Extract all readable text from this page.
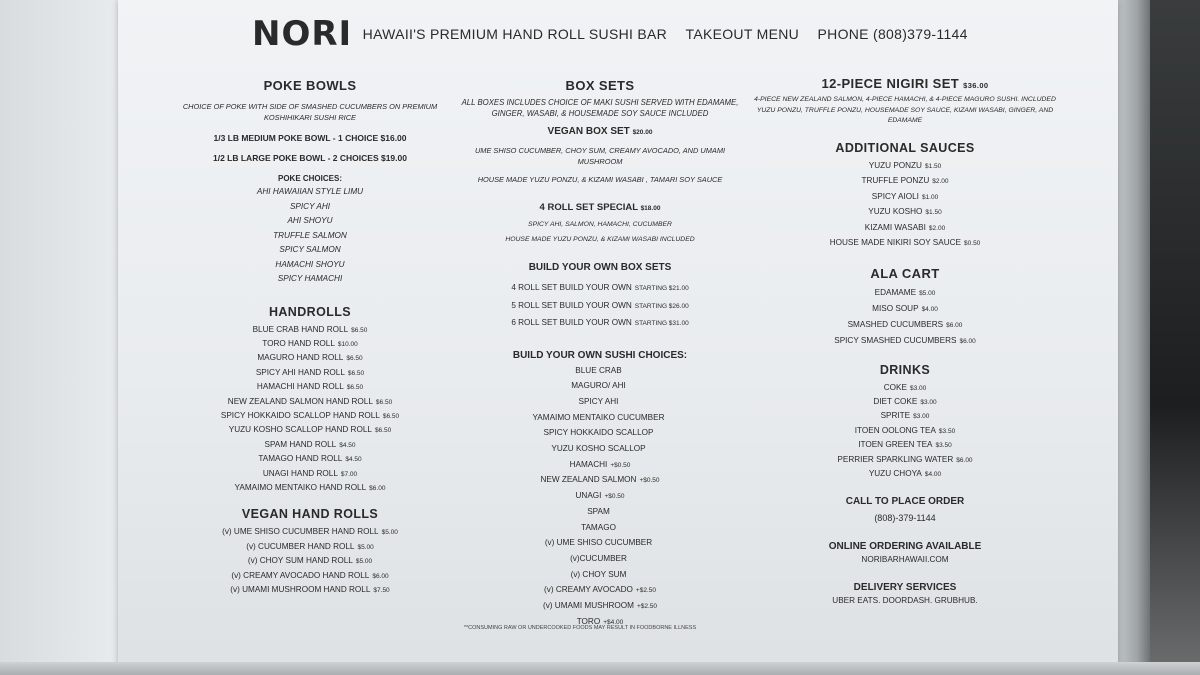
NORI HAWAII'S PREMIUM HAND ROLL SUSHI BAR TAKEOUT MENU PHONE (808)379-1144
POKE BOWLS
CHOICE OF POKE WITH SIDE OF SMASHED CUCUMBERS ON PREMIUM KOSHIHIKARI SUSHI RICE
1/3 LB MEDIUM POKE BOWL - 1 CHOICE $16.00
1/2 LB LARGE POKE BOWL - 2 CHOICES $19.00
POKE CHOICES:
AHI HAWAIIAN STYLE LIMU
SPICY AHI
AHI SHOYU
TRUFFLE SALMON
SPICY SALMON
HAMACHI SHOYU
SPICY HAMACHI
HANDROLLS
BLUE CRAB HAND ROLL $6.50
TORO HAND ROLL $10.00
MAGURO HAND ROLL $6.50
SPICY AHI HAND ROLL $6.50
HAMACHI HAND ROLL $6.50
NEW ZEALAND SALMON HAND ROLL $6.50
SPICY HOKKAIDO SCALLOP HAND ROLL $6.50
YUZU KOSHO SCALLOP HAND ROLL $6.50
SPAM HAND ROLL $4.50
TAMAGO HAND ROLL $4.50
UNAGI HAND ROLL $7.00
YAMAIMO MENTAIKO HAND ROLL $6.00
VEGAN HAND ROLLS
(v) UME SHISO CUCUMBER HAND ROLL $5.00
(v) CUCUMBER HAND ROLL $5.00
(v) CHOY SUM HAND ROLL $5.00
(v) CREAMY AVOCADO HAND ROLL $6.00
(v) UMAMI MUSHROOM HAND ROLL $7.50
BOX SETS
ALL BOXES INCLUDES CHOICE OF MAKI SUSHI SERVED WITH EDAMAME, GINGER, WASABI, & HOUSEMADE SOY SAUCE INCLUDED
VEGAN BOX SET $20.00
UME SHISO CUCUMBER, CHOY SUM, CREAMY AVOCADO, AND UMAMI MUSHROOM
HOUSE MADE YUZU PONZU, & KIZAMI WASABI , TAMARI SOY SAUCE
4 ROLL SET SPECIAL $18.00
SPICY AHI, SALMON, HAMACHI, CUCUMBER
HOUSE MADE YUZU PONZU, & KIZAMI WASABI INCLUDED
BUILD YOUR OWN BOX SETS
4 ROLL SET BUILD YOUR OWN STARTING $21.00
5 ROLL SET BUILD YOUR OWN STARTING $26.00
6 ROLL SET BUILD YOUR OWN STARTING $31.00
BUILD YOUR OWN SUSHI CHOICES:
BLUE CRAB
MAGURO/ AHI
SPICY AHI
YAMAIMO MENTAIKO CUCUMBER
SPICY HOKKAIDO SCALLOP
YUZU KOSHO SCALLOP
HAMACHI +$0.50
NEW ZEALAND SALMON +$0.50
UNAGI +$0.50
SPAM
TAMAGO
(v) UME SHISO CUCUMBER
(v)CUCUMBER
(v) CHOY SUM
(v) CREAMY AVOCADO +$2.50
(v) UMAMI MUSHROOM +$2.50
TORO +$4.00
**CONSUMING RAW OR UNDERCOOKED FOODS MAY RESULT IN FOODBORNE ILLNESS
12-PIECE NIGIRI SET $36.00
4-PIECE NEW ZEALAND SALMON, 4-PIECE HAMACHI, & 4-PIECE MAGURO SUSHI. INCLUDED YUZU PONZU, TRUFFLE PONZU, HOUSEMADE SOY SAUCE, KIZAMI WASABI, GINGER, AND EDAMAME
ADDITIONAL SAUCES
YUZU PONZU $1.50
TRUFFLE PONZU $2.00
SPICY AIOLI $1.00
YUZU KOSHO $1.50
KIZAMI WASABI $2.00
HOUSE MADE NIKIRI SOY SAUCE $0.50
ALA CART
EDAMAME $5.00
MISO SOUP $4.00
SMASHED CUCUMBERS $6.00
SPICY SMASHED CUCUMBERS $6.00
DRINKS
COKE $3.00
DIET COKE $3.00
SPRITE $3.00
ITOEN OOLONG TEA $3.50
ITOEN GREEN TEA $3.50
PERRIER SPARKLING WATER $6.00
YUZU CHOYA $4.00
CALL TO PLACE ORDER
(808)-379-1144
ONLINE ORDERING AVAILABLE
NORIBARHAWAII.COM
DELIVERY SERVICES
UBER EATS. DOORDASH. GRUBHUB.
